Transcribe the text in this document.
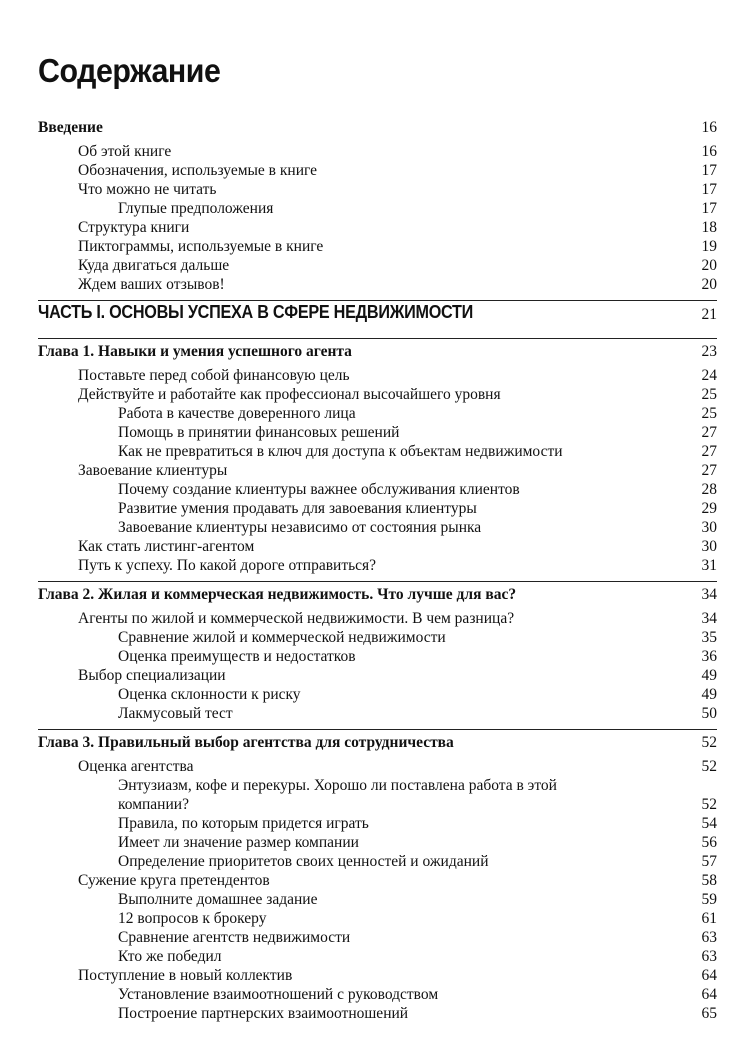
Содержание
Введение	16
Об этой книге	16
Обозначения, используемые в книге	17
Что можно не читать	17
Глупые предположения	17
Структура книги	18
Пиктограммы, используемые в книге	19
Куда двигаться дальше	20
Ждем ваших отзывов!	20
ЧАСТЬ I. ОСНОВЫ УСПЕХА В СФЕРЕ НЕДВИЖИМОСТИ	21
Глава 1. Навыки и умения успешного агента	23
Поставьте перед собой финансовую цель	24
Действуйте и работайте как профессионал высочайшего уровня	25
Работа в качестве доверенного лица	25
Помощь в принятии финансовых решений	27
Как не превратиться в ключ для доступа к объектам недвижимости	27
Завоевание клиентуры	27
Почему создание клиентуры важнее обслуживания клиентов	28
Развитие умения продавать для завоевания клиентуры	29
Завоевание клиентуры независимо от состояния рынка	30
Как стать листинг-агентом	30
Путь к успеху. По какой дороге отправиться?	31
Глава 2. Жилая и коммерческая недвижимость. Что лучше для вас?	34
Агенты по жилой и коммерческой недвижимости. В чем разница?	34
Сравнение жилой и коммерческой недвижимости	35
Оценка преимуществ и недостатков	36
Выбор специализации	49
Оценка склонности к риску	49
Лакмусовый тест	50
Глава 3. Правильный выбор агентства для сотрудничества	52
Оценка агентства	52
Энтузиазм, кофе и перекуры. Хорошо ли поставлена работа в этой
компании?	52
Правила, по которым придется играть	54
Имеет ли значение размер компании	56
Определение приоритетов своих ценностей и ожиданий	57
Сужение круга претендентов	58
Выполните домашнее задание	59
12 вопросов к брокеру	61
Сравнение агентств недвижимости	63
Кто же победил	63
Поступление в новый коллектив	64
Установление взаимоотношений с руководством	64
Построение партнерских взаимоотношений	65
